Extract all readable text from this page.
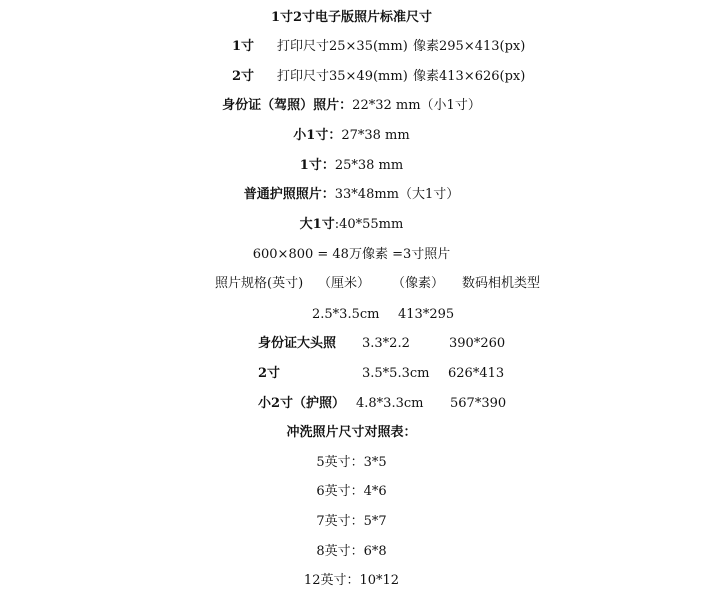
1寸2寸电子版照片标准尺寸

1寸

打印尺寸25×35(mm)

像素295×413(px)

2寸

打印尺寸35×49(mm)

像素413×626(px)

身份证（驾照）照片：22*32 mm（小1寸）
小1寸：27*38 mm
1寸：25*38 mm
普通护照照片：33*48mm（大1寸）
大1寸:40*55mm
600×800 = 48万像素 =3寸照片

照片规格(英寸)

（厘米）

（像素）

数码相机类型

2.5*3.5cm

413*295

身份证大头照

3.3*2.2

	390*260

2寸

	3.5*5.3cm

626*413

小2寸（护照）

4.8*3.3cm

567*390

冲洗照片尺寸对照表：
5英寸：3*5
6英寸：4*6
7英寸：5*7
8英寸：6*8
12英寸：10*12
